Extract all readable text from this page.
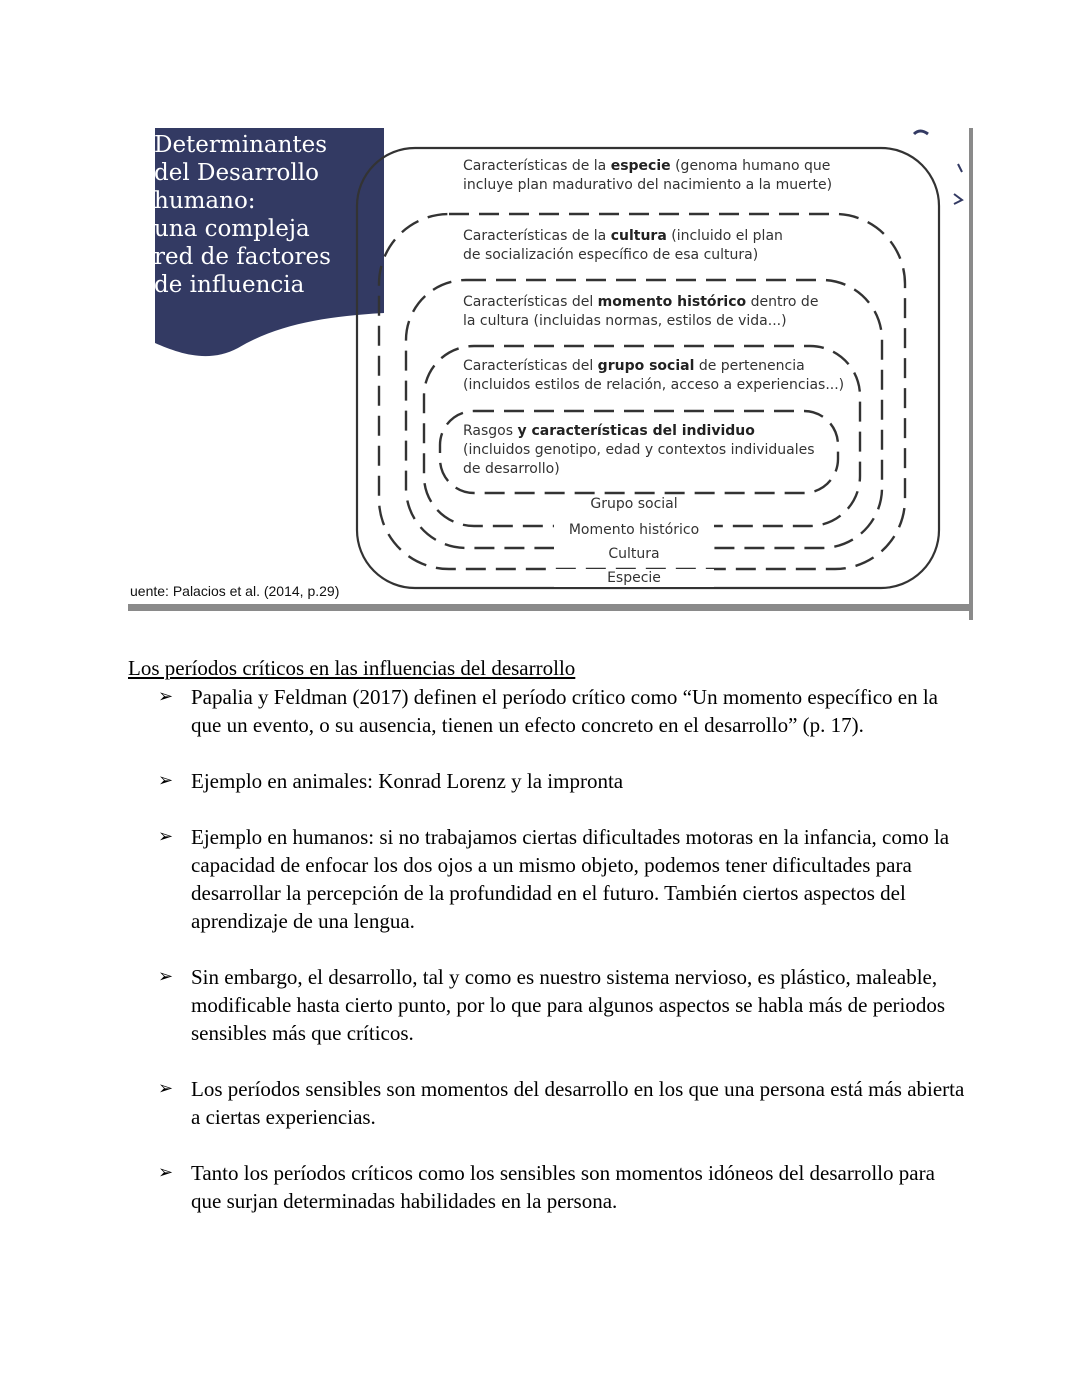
Determinantes
del Desarrollo
humano:
una compleja
red de factores
de influencia
Características de la especie (genoma humano que
incluye plan madurativo del nacimiento a la muerte)
Características de la cultura (incluido el plan
de socialización específico de esa cultura)
Características del momento histórico dentro de
la cultura (incluidas normas, estilos de vida...)
Características del grupo social de pertenencia
(incluidos estilos de relación, acceso a experiencias...)
Rasgos y características del individuo
(incluidos genotipo, edad y contextos individuales
de desarrollo)
Grupo social
Momento histórico
Cultura
Especie
uente: Palacios et al. (2014, p.29)
Los períodos críticos en las influencias del desarrollo
➢ Papalia y Feldman (2017) definen el período crítico como “Un momento específico en la que un evento, o su ausencia, tienen un efecto concreto en el desarrollo” (p. 17).
➢ Ejemplo en animales: Konrad Lorenz y la impronta
➢ Ejemplo en humanos: si no trabajamos ciertas dificultades motoras en la infancia, como la capacidad de enfocar los dos ojos a un mismo objeto, podemos tener dificultades para desarrollar la percepción de la profundidad en el futuro. También ciertos aspectos del aprendizaje de una lengua.
➢ Sin embargo, el desarrollo, tal y como es nuestro sistema nervioso, es plástico, maleable, modificable hasta cierto punto, por lo que para algunos aspectos se habla más de periodos sensibles más que críticos.
➢ Los períodos sensibles son momentos del desarrollo en los que una persona está más abierta a ciertas experiencias.
➢ Tanto los períodos críticos como los sensibles son momentos idóneos del desarrollo para que surjan determinadas habilidades en la persona.
